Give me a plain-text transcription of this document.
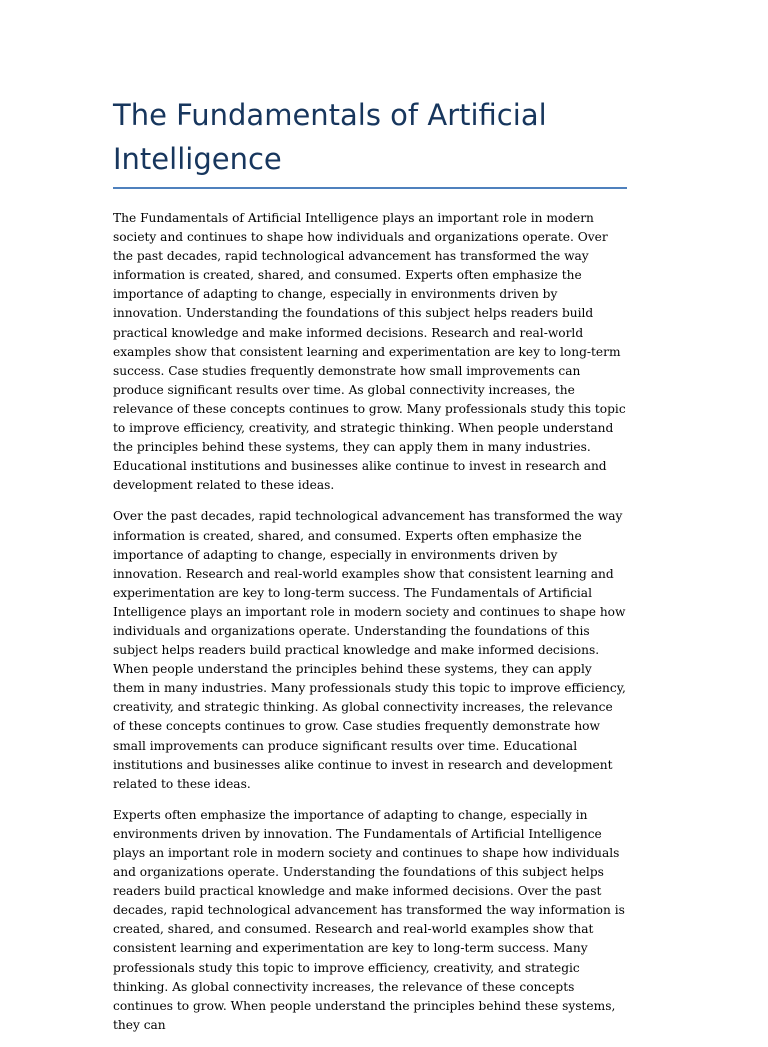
The Fundamentals of Artificial Intelligence

The Fundamentals of Artificial Intelligence plays an important role in modern society and continues to shape how individuals and organizations operate. Over the past decades, rapid technological advancement has transformed the way information is created, shared, and consumed. Experts often emphasize the importance of adapting to change, especially in environments driven by innovation. Understanding the foundations of this subject helps readers build practical knowledge and make informed decisions. Research and real-world examples show that consistent learning and experimentation are key to long-term success. Case studies frequently demonstrate how small improvements can produce significant results over time. As global connectivity increases, the relevance of these concepts continues to grow. Many professionals study this topic to improve efficiency, creativity, and strategic thinking. When people understand the principles behind these systems, they can apply them in many industries. Educational institutions and businesses alike continue to invest in research and development related to these ideas.

Over the past decades, rapid technological advancement has transformed the way information is created, shared, and consumed. Experts often emphasize the importance of adapting to change, especially in environments driven by innovation. Research and real-world examples show that consistent learning and experimentation are key to long-term success. The Fundamentals of Artificial Intelligence plays an important role in modern society and continues to shape how individuals and organizations operate. Understanding the foundations of this subject helps readers build practical knowledge and make informed decisions. When people understand the principles behind these systems, they can apply them in many industries. Many professionals study this topic to improve efficiency, creativity, and strategic thinking. As global connectivity increases, the relevance of these concepts continues to grow. Case studies frequently demonstrate how small improvements can produce significant results over time. Educational institutions and businesses alike continue to invest in research and development related to these ideas.

Experts often emphasize the importance of adapting to change, especially in environments driven by innovation. The Fundamentals of Artificial Intelligence plays an important role in modern society and continues to shape how individuals and organizations operate. Understanding the foundations of this subject helps readers build practical knowledge and make informed decisions. Over the past decades, rapid technological advancement has transformed the way information is created, shared, and consumed. Research and real-world examples show that consistent learning and experimentation are key to long-term success. Many professionals study this topic to improve efficiency, creativity, and strategic thinking. As global connectivity increases, the relevance of these concepts continues to grow. When people understand the principles behind these systems, they can
